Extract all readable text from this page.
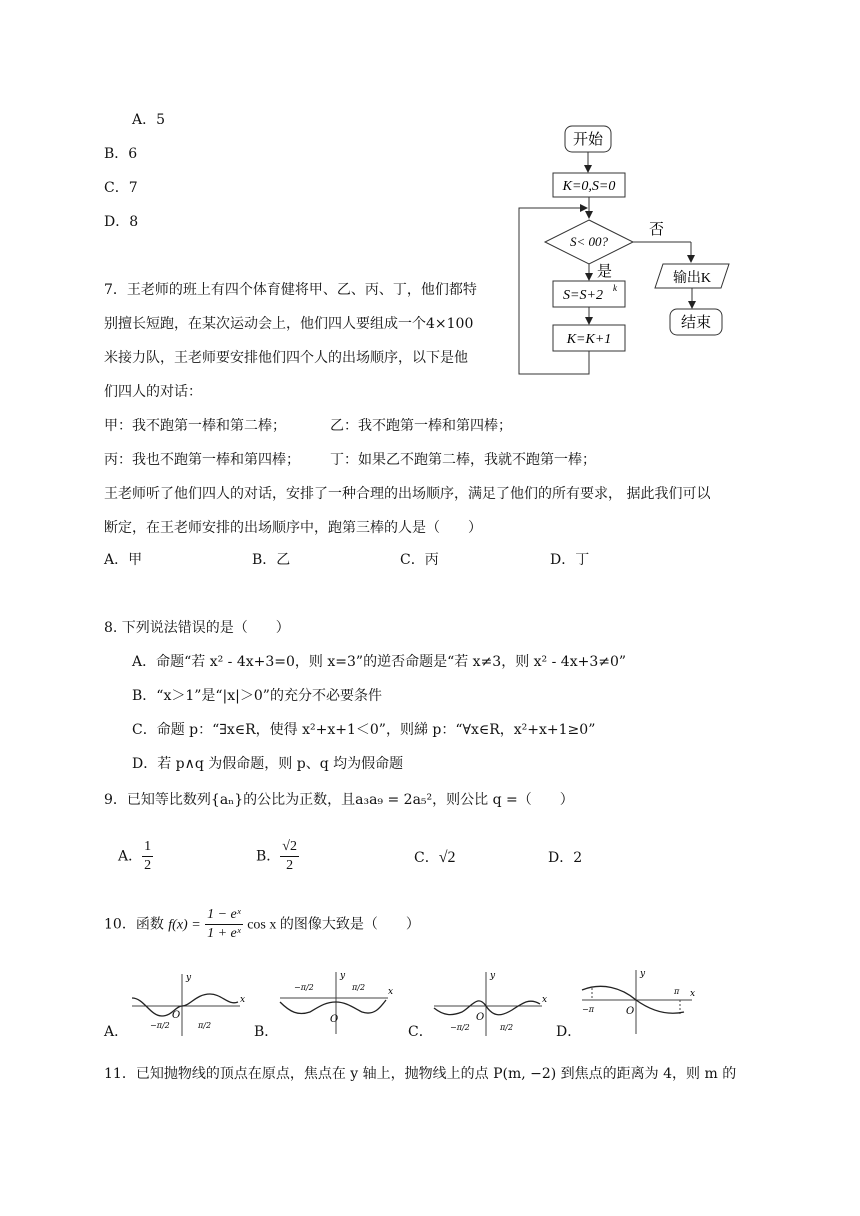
A．5
B．6
C．7
D．8
开始
K=0,S=0
S< 00?
否
输出K
结束
是
S=S+2 k
K=K+1
7．王老师的班上有四个体育健将甲、乙、丙、丁，他们都特
别擅长短跑，在某次运动会上，他们四人要组成一个4×100
米接力队，王老师要安排他们四个人的出场顺序，以下是他
们四人的对话：
甲：我不跑第一棒和第二棒；	乙：我不跑第一棒和第四棒；
丙：我也不跑第一棒和第四棒； 丁：如果乙不跑第二棒，我就不跑第一棒；
王老师听了他们四人的对话，安排了一种合理的出场顺序，满足了他们的所有要求， 据此我们可以
断定，在王老师安排的出场顺序中，跑第三棒的人是（　　）
A．甲	B．乙	C．丙	D．丁
8. 下列说法错误的是（　　）
A．命题“若 x² - 4x+3=0，则 x=3”的逆否命题是“若 x≠3，则 x² - 4x+3≠0”
B．“x＞1”是“|x|＞0”的充分不必要条件
C．命题 p：“∃x∈R，使得 x²+x+1＜0”，则綈 p：“∀x∈R，x²+x+1≥0”
D．若 p∧q 为假命题，则 p、q 均为假命题
9．已知等比数列{aₙ}的公比为正数，且a₃a₉ = 2a₅²，则公比 q =（　　）
A． $\frac{1}{2}$	B． $\frac{√2}{2}$	C．√2	D．2
10．函数 $f(x) = \frac{\text{1 − eˣ}}{\text{1 + eˣ}}$ cos x 的图像大致是（　　）
A．	B．	C．	D．
y
x
O
−π/2	π/2
y
x
O
−π/2	π/2
y
x
O
−π/2	π/2
y
x
O
−π
π
11．已知抛物线的顶点在原点，焦点在 y 轴上，抛物线上的点 P(m, −2) 到焦点的距离为 4，则 m 的
